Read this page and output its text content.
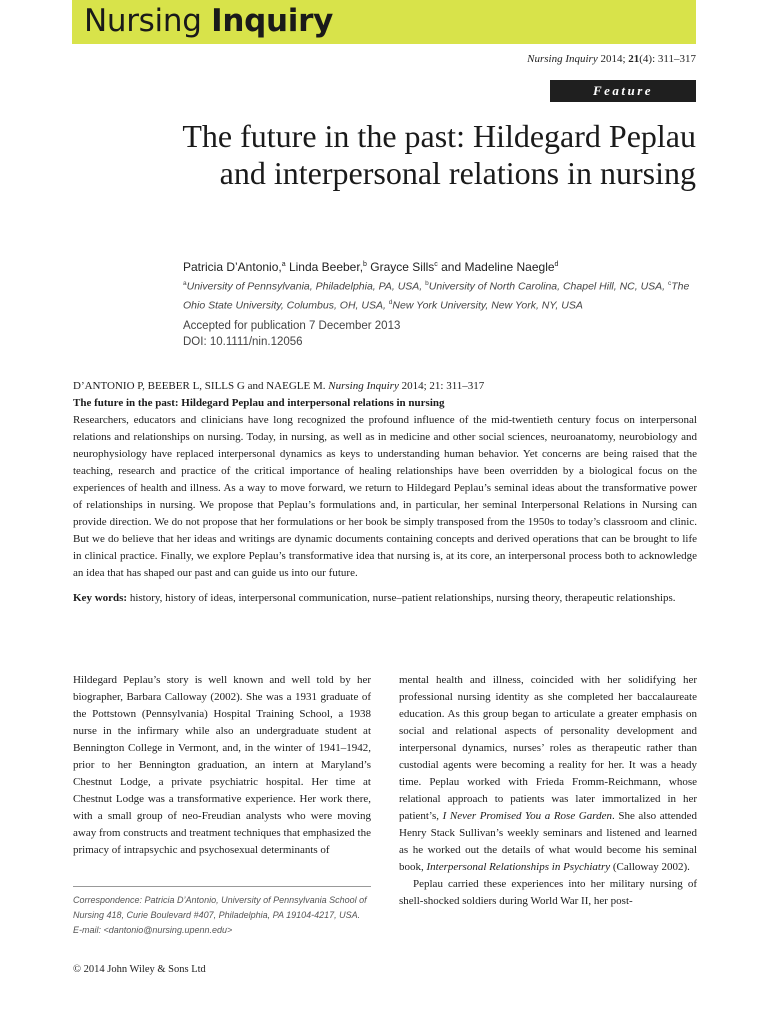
Nursing Inquiry
Nursing Inquiry 2014; 21(4): 311–317
Feature
The future in the past: Hildegard Peplau and interpersonal relations in nursing
Patricia D’Antonio,$^a$ Linda Beeber,$^b$ Grayce Sills$^c$ and Madeline Naegle$^d$
$^a$University of Pennsylvania, Philadelphia, PA, USA, $^b$University of North Carolina, Chapel Hill, NC, USA, $^c$The Ohio State University, Columbus, OH, USA, $^d$New York University, New York, NY, USA
Accepted for publication 7 December 2013
DOI: 10.1111/nin.12056

D’ANTONIO P, BEEBER L, SILLS G and NAEGLE M. Nursing Inquiry 2014; 21: 311–317

The future in the past: Hildegard Peplau and interpersonal relations in nursing

Researchers, educators and clinicians have long recognized the profound influence of the mid-twentieth century focus on interpersonal relations and relationships on nursing. Today, in nursing, as well as in medicine and other social sciences, neuroanatomy, neurobiology and neurophysiology have replaced interpersonal dynamics as keys to understanding human behavior. Yet concerns are being raised that the teaching, research and practice of the critical importance of healing relationships have been overridden by a biological focus on the experiences of health and illness. As a way to move forward, we return to Hildegard Peplau’s seminal ideas about the transformative power of relationships in nursing. We propose that Peplau’s formulations and, in particular, her seminal Interpersonal Relations in Nursing can provide direction. We do not propose that her formulations or her book be simply transposed from the 1950s to today’s classroom and clinic. But we do believe that her ideas and writings are dynamic documents containing concepts and derived operations that can be brought to life in clinical practice. Finally, we explore Peplau’s transformative idea that nursing is, at its core, an interpersonal process both to acknowledge an idea that has shaped our past and can guide us into our future.

Key words: history, history of ideas, interpersonal communication, nurse–patient relationships, nursing theory, therapeutic relationships.

Hildegard Peplau’s story is well known and well told by her biographer, Barbara Calloway (2002). She was a 1931 graduate of the Pottstown (Pennsylvania) Hospital Training School, a 1938 nurse in the infirmary while also an undergraduate student at Bennington College in Vermont, and, in the winter of 1941–1942, prior to her Bennington graduation, an intern at Maryland’s Chestnut Lodge, a private psychiatric hospital. Her time at Chestnut Lodge was a transformative experience. Her work there, with a small group of neo-Freudian analysts who were moving away from constructs and treatment techniques that emphasized the primacy of intrapsychic and psychosexual determinants of

mental health and illness, coincided with her solidifying her professional nursing identity as she completed her baccalaureate education. As this group began to articulate a greater emphasis on social and relational aspects of personality development and interpersonal dynamics, nurses’ roles as therapeutic rather than custodial agents were becoming a reality for her. It was a heady time. Peplau worked with Frieda Fromm-Reichmann, whose relational approach to patients was later immortalized in her patient’s, I Never Promised You a Rose Garden. She also attended Henry Stack Sullivan’s weekly seminars and listened and learned as he worked out the details of what would become his seminal book, Interpersonal Relationships in Psychiatry (Calloway 2002).

Peplau carried these experiences into her military nursing of shell-shocked soldiers during World War II, her post-

Correspondence: Patricia D’Antonio, University of Pennsylvania School of
Nursing 418, Curie Boulevard #407, Philadelphia, PA 19104-4217, USA.
E-mail: <dantonio@nursing.upenn.edu>
© 2014 John Wiley & Sons Ltd
